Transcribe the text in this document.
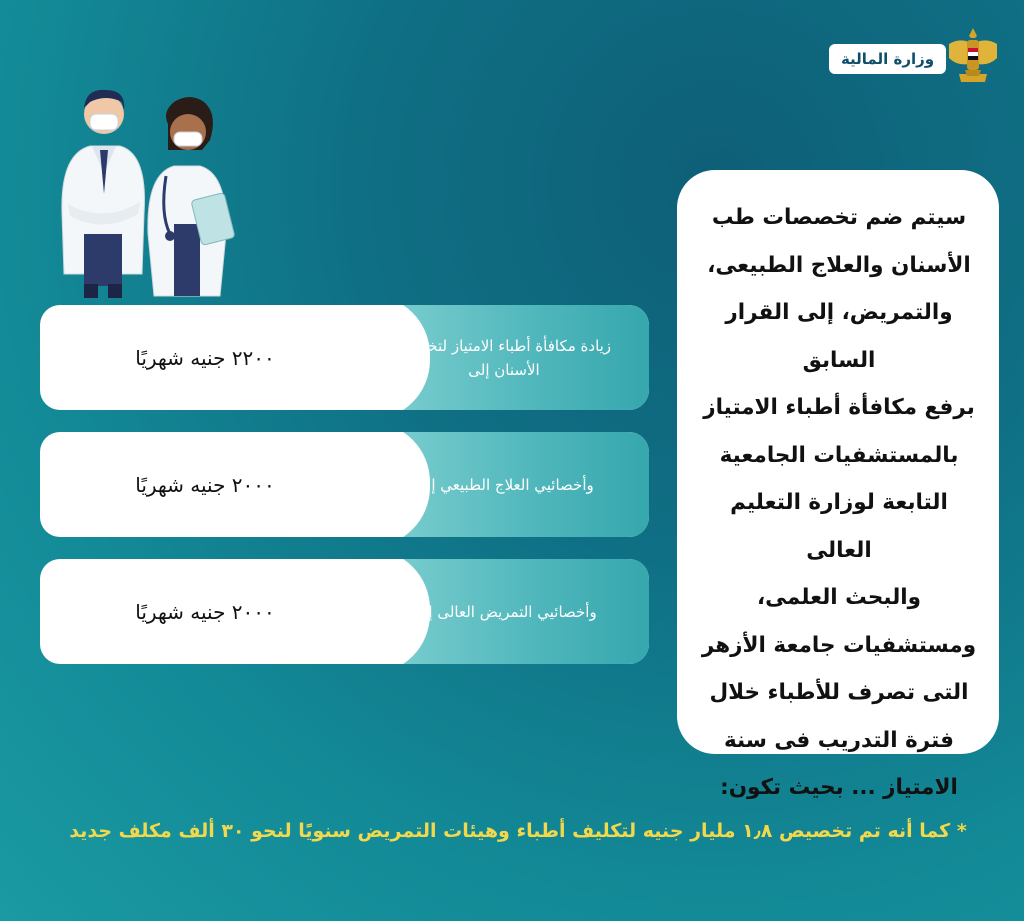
وزارة المالية
سيتم ضم تخصصات طب
الأسنان والعلاج الطبيعى،
والتمريض، إلى القرار السابق
برفع مكافأة أطباء الامتياز
بالمستشفيات الجامعية
التابعة لوزارة التعليم العالى
والبحث العلمى،
ومستشفيات جامعة الأزهر
التى تصرف للأطباء خلال
فترة التدريب فى سنة
الامتياز ... بحيث تكون:
زيادة مكافأة أطباء الامتياز لتخصص الأسنان إلى
٢٢٠٠ جنيه شهريًا
وأخصائيي العلاج الطبيعي إلى
٢٠٠٠ جنيه شهريًا
وأخصائيي التمريض العالى إلى
٢٠٠٠ جنيه شهريًا
* كما أنه تم تخصيص ١٫٨ مليار جنيه لتكليف أطباء وهيئات التمريض سنويًا لنحو ٣٠ ألف مكلف جديد
